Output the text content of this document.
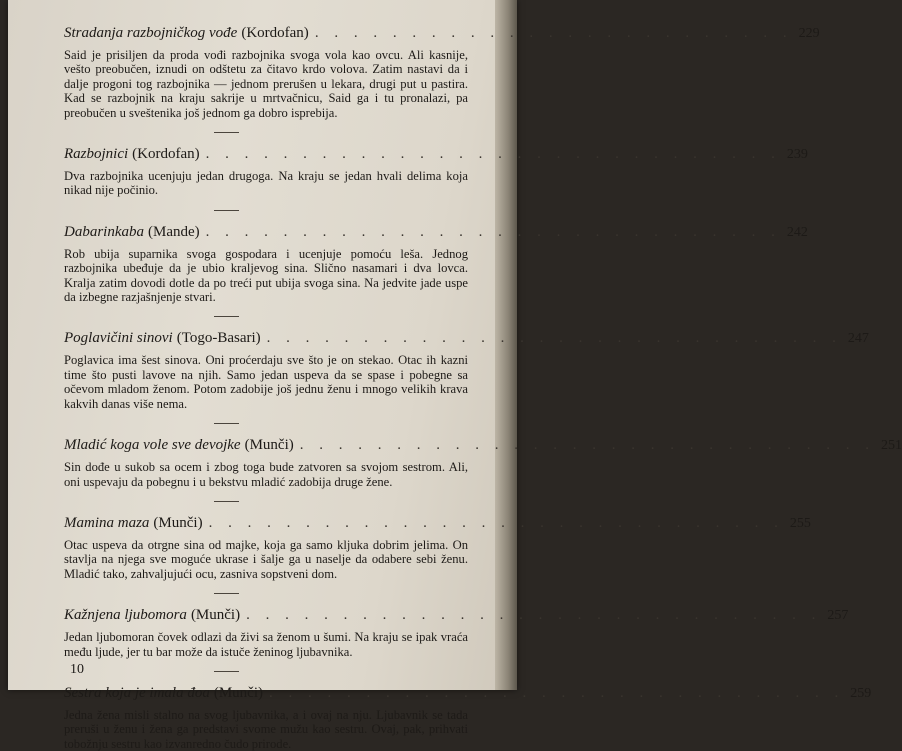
Stradanja razbojničkog vođe (Kordofan) . . . . . . . . . . . . . . . . . . . . . . . . . 229
Said je prisiljen da proda vođi razbojnika svoga vola kao ovcu. Ali kasnije, vešto preobučen, iznudi on odštetu za čitavo krdo volova. Zatim nastavi da i dalje progoni tog razbojnika — jednom prerušen u lekara, drugi put u pastira. Kad se razbojnik na kraju sakrije u mrtvačnicu, Said ga i tu pronalazi, pa preobučen u sveštenika još jednom ga dobro isprebija.
Razbojnici (Kordofan) . . . . . . . . . . . . . . . . . . . . . . . . . . . . . . 239
Dva razbojnika ucenjuju jedan drugoga. Na kraju se jedan hvali delima koja nikad nije počinio.
Dabarinkaba (Mande) . . . . . . . . . . . . . . . . . . . . . . . . . . . . . . 242
Rob ubija suparnika svoga gospodara i ucenjuje pomoću leša. Jednog razbojnika ubeđuje da je ubio kraljevog sina. Slično nasamari i dva lovca. Kralja zatim dovodi dotle da po treći put ubija svoga sina. Na jedvite jade uspe da izbegne razjašnjenje stvari.
Poglavičini sinovi (Togo-Basari) . . . . . . . . . . . . . . . . . . . . . . . . . . . . . . 247
Poglavica ima šest sinova. Oni proćerdaju sve što je on stekao. Otac ih kazni time što pusti lavove na njih. Samo jedan uspeva da se spase i pobegne sa očevom mladom ženom. Potom zadobije još jednu ženu i mnogo velikih krava kakvih danas više nema.
Mladić koga vole sve devojke (Munči) . . . . . . . . . . . . . . . . . . . . . . . . . . . . . . 251
Sin dođe u sukob sa ocem i zbog toga bude zatvoren sa svojom sestrom. Ali, oni uspevaju da pobegnu i u bekstvu mladić zadobija druge žene.
Mamina maza (Munči) . . . . . . . . . . . . . . . . . . . . . . . . . . . . . . 255
Otac uspeva da otrgne sina od majke, koja ga samo kljuka dobrim jelima. On stavlja na njega sve moguće ukrase i šalje ga u naselje da odabere sebi ženu. Mladić tako, zahvaljujući ocu, zasniva sopstveni dom.
Kažnjena ljubomora (Munči) . . . . . . . . . . . . . . . . . . . . . . . . . . . . . . 257
Jedan ljubomoran čovek odlazi da živi sa ženom u šumi. Na kraju se ipak vraća među ljude, jer tu bar može da istuče ženinog ljubavnika.
Sestra koja je imala đoa (Munči) . . . . . . . . . . . . . . . . . . . . . . . . . . . . . . 259
Jedna žena misli stalno na svog ljubavnika, a i ovaj na nju. Ljubavnik se tada preruši u ženu i žena ga predstavi svome mužu kao sestru. Ovaj, pak, prihvati tobožnju sestru kao izvanredno čudo prirode.
10
